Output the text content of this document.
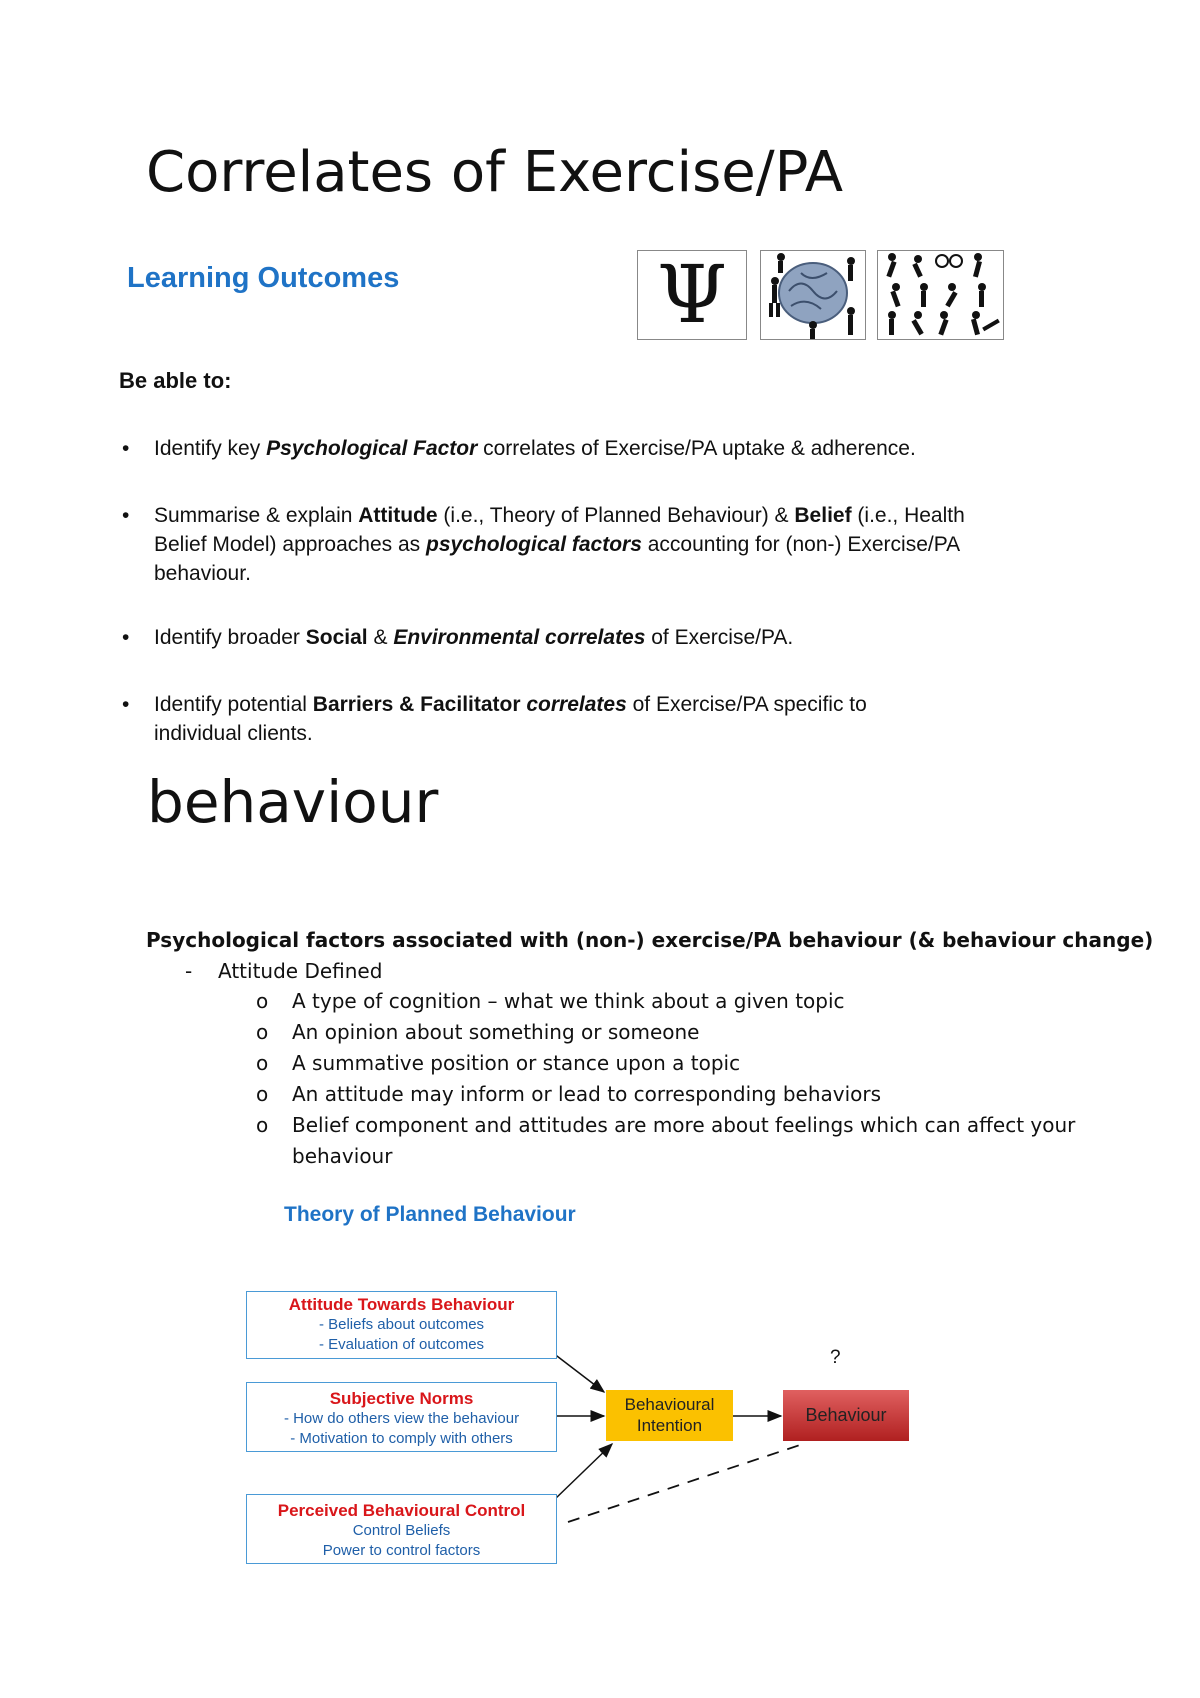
Correlates of Exercise/PA
Learning Outcomes	Ψ
Be able to:
• Identify key Psychological Factor correlates of Exercise/PA uptake & adherence.
• Summarise & explain Attitude (i.e., Theory of Planned Behaviour) & Belief (i.e., Health Belief Model) approaches as psychological factors accounting for (non-) Exercise/PA behaviour.
• Identify broader Social & Environmental correlates of Exercise/PA.
• Identify potential Barriers & Facilitator correlates of Exercise/PA specific to individual clients.
behaviour
Psychological factors associated with (non-) exercise/PA behaviour (& behaviour change)
- Attitude Defined
o A type of cognition – what we think about a given topic
o An opinion about something or someone
o A summative position or stance upon a topic
o An attitude may inform or lead to corresponding behaviors
o Belief component and attitudes are more about feelings which can affect your behaviour
Theory of Planned Behaviour
Attitude Towards Behaviour
- Beliefs about outcomes
- Evaluation of outcomes
Subjective Norms
- How do others view the behaviour
- Motivation to comply with others
Perceived Behavioural Control
Control Beliefs
Power to control factors
Behavioural
Intention
Behaviour
?
